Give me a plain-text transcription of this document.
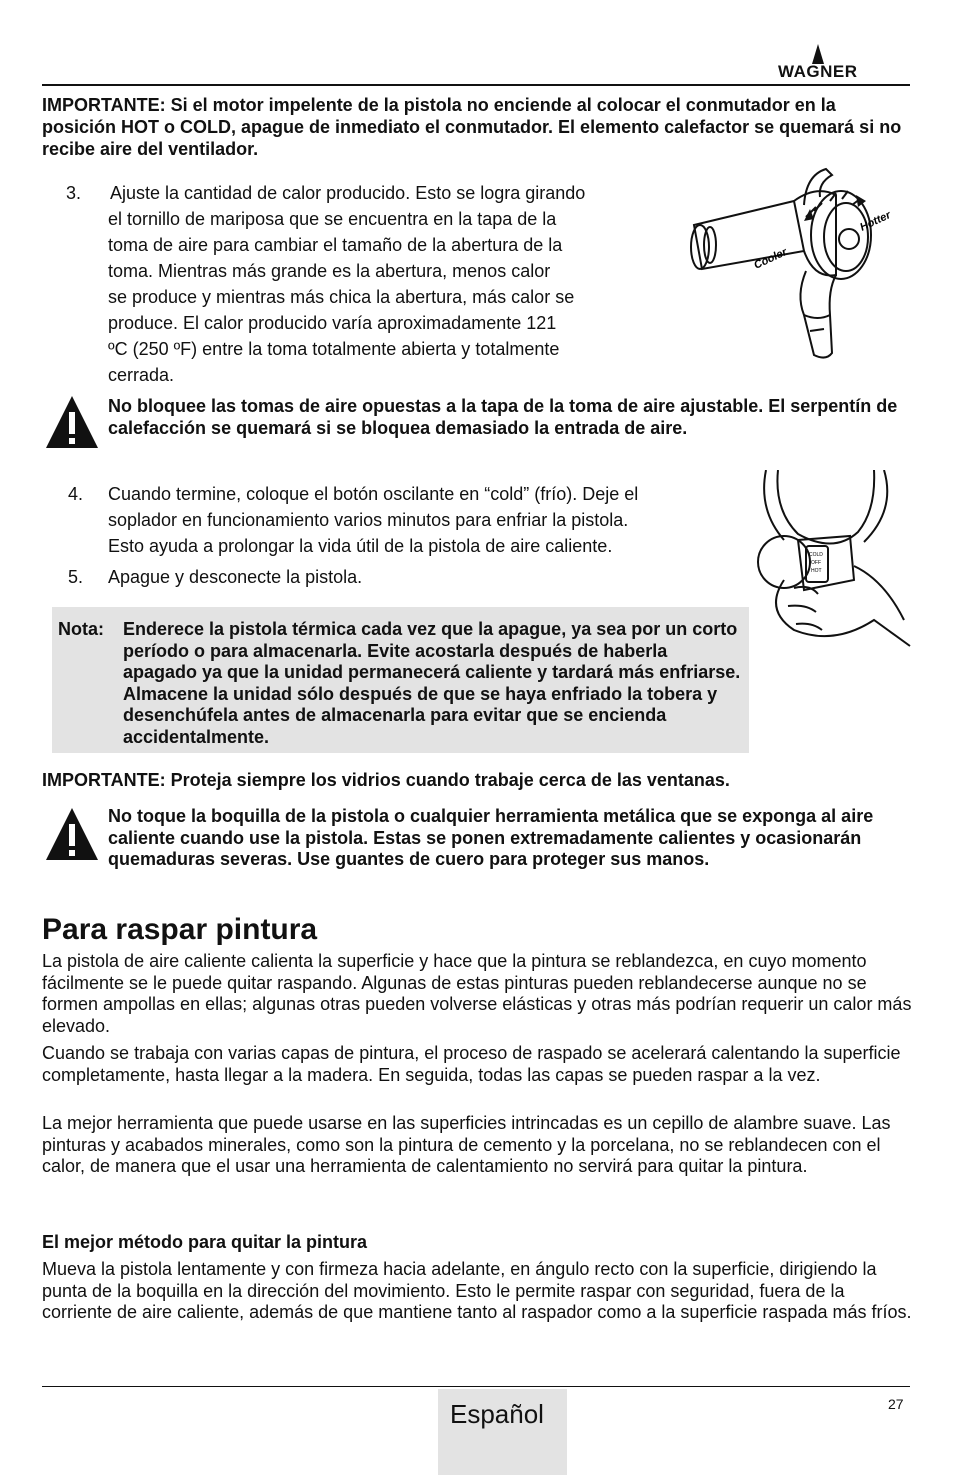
WAGNER
IMPORTANTE: Si el motor impelente de la pistola no enciende al colocar el conmutador en la posición HOT o COLD, apague de inmediato el conmutador. El elemento calefactor se quemará si no recibe aire del ventilador.
3. Ajuste la cantidad de calor producido. Esto se logra girando
el tornillo de mariposa que se encuentra en la tapa de la
toma de aire para cambiar el tamaño de la abertura de la
toma. Mientras más grande es la abertura, menos calor
se produce y mientras más chica la abertura, más calor se
produce. El calor producido varía aproximadamente 121
ºC (250 ºF) entre la toma totalmente abierta y totalmente
cerrada.
Cooler
Hotter
No bloquee las tomas de aire opuestas a la tapa de la toma de aire ajustable. El serpentín de calefacción se quemará si se bloquea demasiado la entrada de aire.
4. Cuando termine, coloque el botón oscilante en “cold” (frío). Deje el
soplador en funcionamiento varios minutos para enfriar la pistola.
Esto ayuda a prolongar la vida útil de la pistola de aire caliente.
5. Apague y desconecte la pistola.
COLD
OFF
HOT
Nota: Enderece la pistola térmica cada vez que la apague, ya sea por un corto período o para almacenarla. Evite acostarla después de haberla apagado ya que la unidad permanecerá caliente y tardará más enfriarse. Almacene la unidad sólo después de que se haya enfriado la tobera y desenchúfela antes de almacenarla para evitar que se encienda accidentalmente.
IMPORTANTE: Proteja siempre los vidrios cuando trabaje cerca de las ventanas.
No toque la boquilla de la pistola o cualquier herramienta metálica que se exponga al aire caliente cuando use la pistola. Estas se ponen extremadamente calientes y ocasionarán quemaduras severas. Use guantes de cuero para proteger sus manos.
Para raspar pintura
La pistola de aire caliente calienta la superficie y hace que la pintura se reblandezca, en cuyo momento fácilmente se le puede quitar raspando. Algunas de estas pinturas pueden reblandecerse aunque no se formen ampollas en ellas; algunas otras pueden volverse elásticas y otras más podrían requerir un calor más elevado.
Cuando se trabaja con varias capas de pintura, el proceso de raspado se acelerará calentando la superficie completamente, hasta llegar a la madera. En seguida, todas las capas se pueden raspar a la vez.
La mejor herramienta que puede usarse en las superficies intrincadas es un cepillo de alambre suave. Las pinturas y acabados minerales, como son la pintura de cemento y la porcelana, no se reblandecen con el calor, de manera que el usar una herramienta de calentamiento no servirá para quitar la pintura.
El mejor método para quitar la pintura
Mueva la pistola lentamente y con firmeza hacia adelante, en ángulo recto con la superficie, dirigiendo la punta de la boquilla en la dirección del movimiento. Esto le permite raspar con seguridad, fuera de la corriente de aire caliente, además de que mantiene tanto al raspador como a la superficie raspada más fríos.
Español	27
